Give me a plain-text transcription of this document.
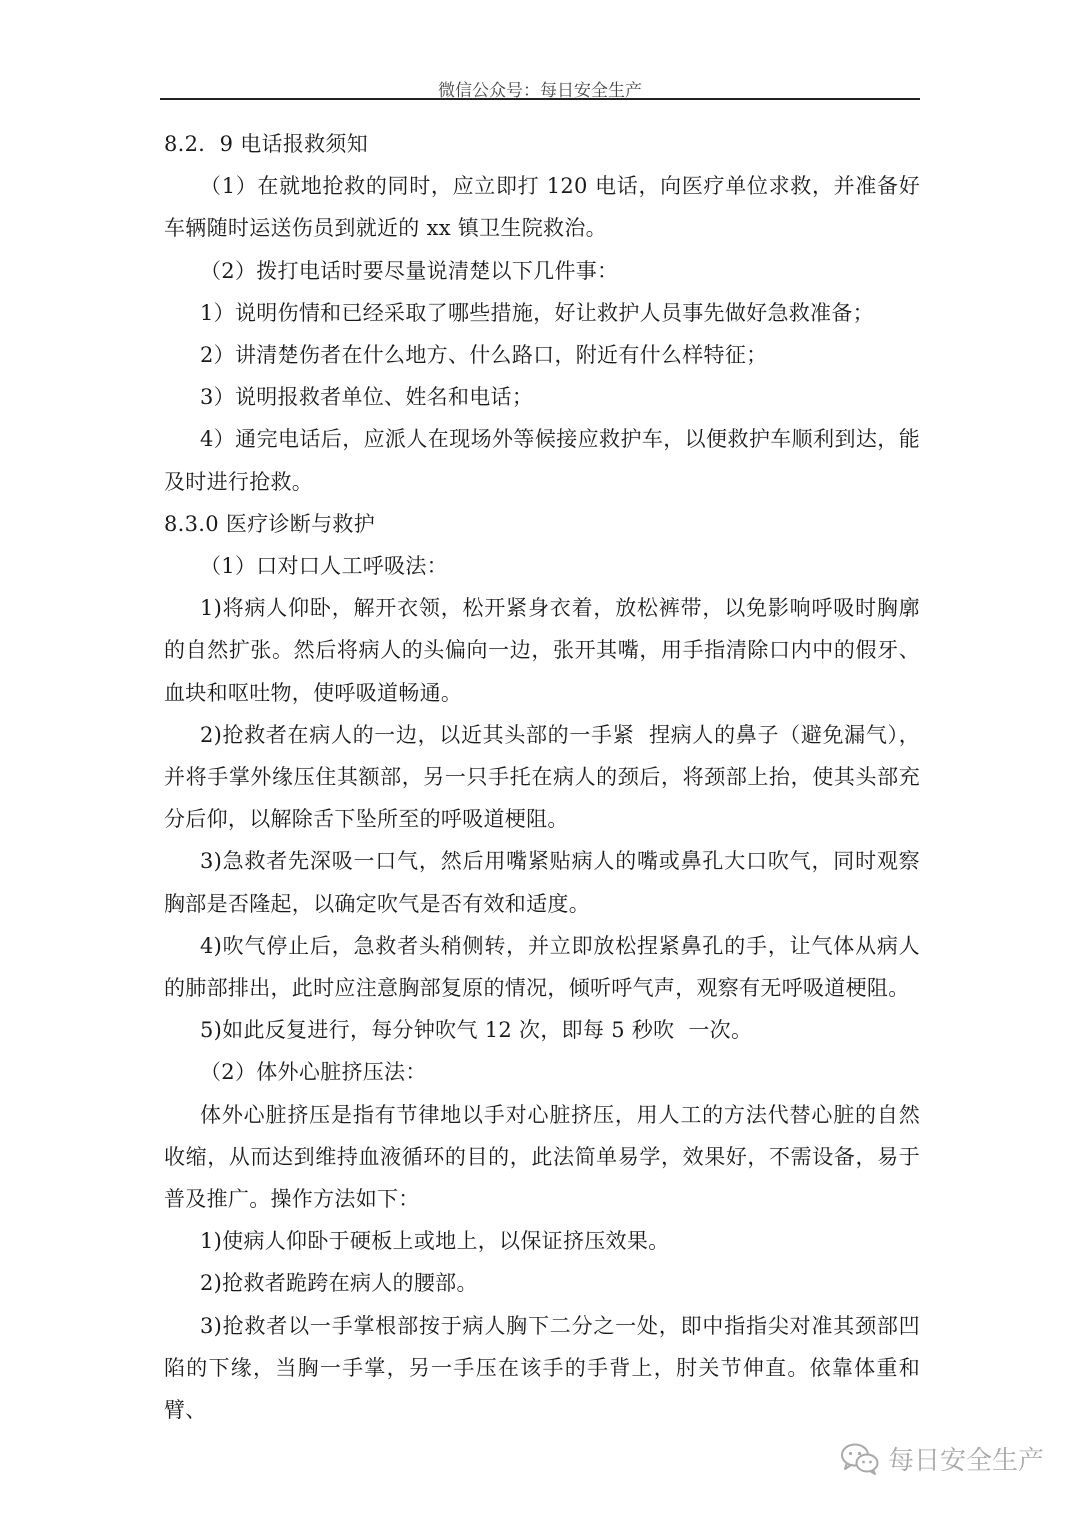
微信公众号：每日安全生产

8.2．9 电话报救须知

（1）在就地抢救的同时，应立即打 120 电话，向医疗单位求救，并准备好车辆随时运送伤员到就近的 xx 镇卫生院救治。

（2）拨打电话时要尽量说清楚以下几件事：

1）说明伤情和已经采取了哪些措施，好让救护人员事先做好急救准备；

2）讲清楚伤者在什么地方、什么路口，附近有什么样特征；

3）说明报救者单位、姓名和电话；

4）通完电话后，应派人在现场外等候接应救护车，以便救护车顺利到达，能及时进行抢救。

8.3.0 医疗诊断与救护

（1）口对口人工呼吸法：

1)将病人仰卧，解开衣领，松开紧身衣着，放松裤带，以免影响呼吸时胸廓的自然扩张。然后将病人的头偏向一边，张开其嘴，用手指清除口内中的假牙、血块和呕吐物，使呼吸道畅通。

2)抢救者在病人的一边，以近其头部的一手紧  捏病人的鼻子（避免漏气），并将手掌外缘压住其额部，另一只手托在病人的颈后，将颈部上抬，使其头部充分后仰，以解除舌下坠所至的呼吸道梗阻。

3)急救者先深吸一口气，然后用嘴紧贴病人的嘴或鼻孔大口吹气，同时观察胸部是否隆起，以确定吹气是否有效和适度。

4)吹气停止后，急救者头稍侧转，并立即放松捏紧鼻孔的手，让气体从病人的肺部排出，此时应注意胸部复原的情况，倾听呼气声，观察有无呼吸道梗阻。

5)如此反复进行，每分钟吹气 12 次，即每 5 秒吹  一次。

（2）体外心脏挤压法：

体外心脏挤压是指有节律地以手对心脏挤压，用人工的方法代替心脏的自然收缩，从而达到维持血液循环的目的，此法简单易学，效果好，不需设备，易于普及推广。操作方法如下：

1)使病人仰卧于硬板上或地上，以保证挤压效果。

2)抢救者跪跨在病人的腰部。

3)抢救者以一手掌根部按于病人胸下二分之一处，即中指指尖对准其颈部凹陷的下缘，当胸一手掌，另一手压在该手的手背上，肘关节伸直。依靠体重和臂、

每日安全生产
